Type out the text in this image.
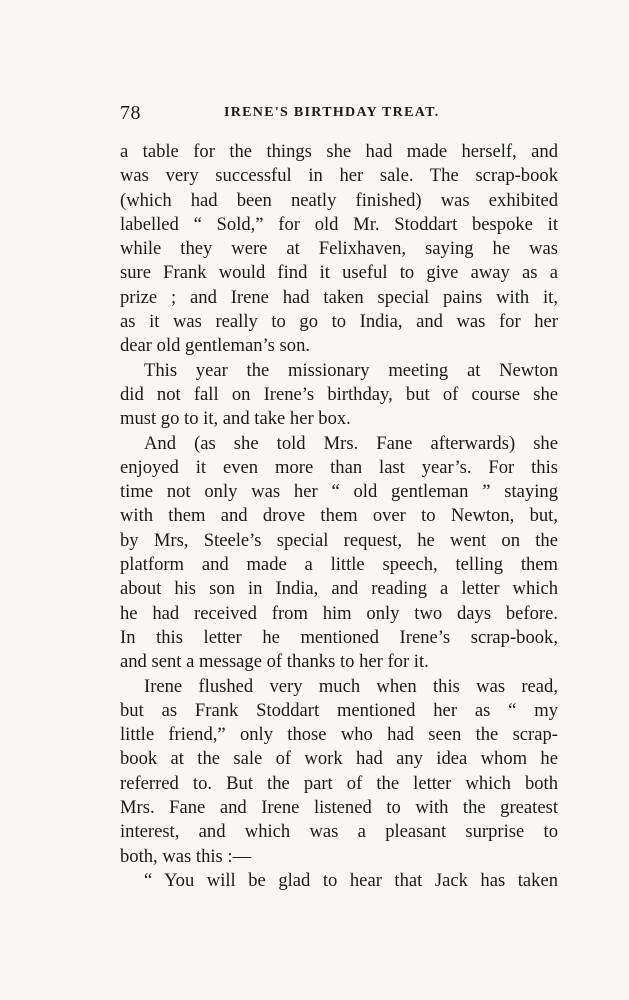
78	IRENE'S BIRTHDAY TREAT.
a table for the things she had made herself, and
was very successful in her sale. The scrap-book
(which had been neatly finished) was exhibited
labelled “ Sold,” for old Mr. Stoddart bespoke it
while they were at Felixhaven, saying he was
sure Frank would find it useful to give away as a
prize ; and Irene had taken special pains with it,
as it was really to go to India, and was for her
dear old gentleman’s son.
This year the missionary meeting at Newton
did not fall on Irene’s birthday, but of course she
must go to it, and take her box.
And (as she told Mrs. Fane afterwards) she
enjoyed it even more than last year’s. For this
time not only was her “ old gentleman ” staying
with them and drove them over to Newton, but,
by Mrs, Steele’s special request, he went on the
platform and made a little speech, telling them
about his son in India, and reading a letter which
he had received from him only two days before.
In this letter he mentioned Irene’s scrap-book,
and sent a message of thanks to her for it.
Irene flushed very much when this was read,
but as Frank Stoddart mentioned her as “ my
little friend,” only those who had seen the scrap-
book at the sale of work had any idea whom he
referred to. But the part of the letter which both
Mrs. Fane and Irene listened to with the greatest
interest, and which was a pleasant surprise to
both, was this :—
“ You will be glad to hear that Jack has taken
